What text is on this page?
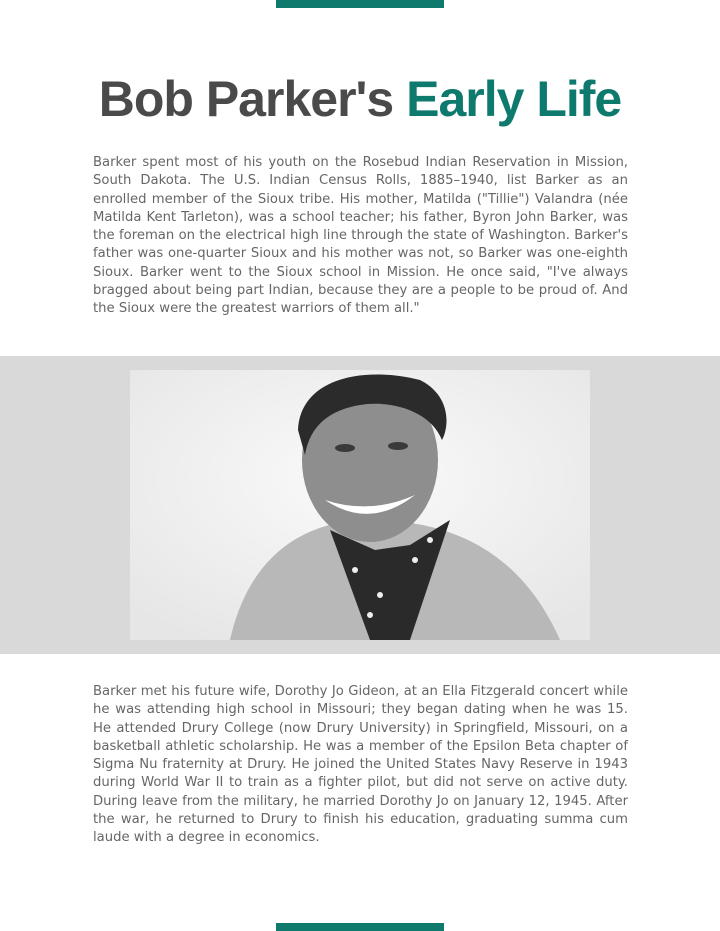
Bob Parker's Early Life

Barker spent most of his youth on the Rosebud Indian Reservation in Mission, South Dakota. The U.S. Indian Census Rolls, 1885–1940, list Barker as an enrolled member of the Sioux tribe. His mother, Matilda ("Tillie") Valandra (née Matilda Kent Tarleton), was a school teacher; his father, Byron John Barker, was the foreman on the electrical high line through the state of Washington. Barker's father was one-quarter Sioux and his mother was not, so Barker was one-eighth Sioux. Barker went to the Sioux school in Mission. He once said, "I've always bragged about being part Indian, because they are a people to be proud of. And the Sioux were the greatest warriors of them all."

Barker met his future wife, Dorothy Jo Gideon, at an Ella Fitzgerald concert while he was attending high school in Missouri; they began dating when he was 15. He attended Drury College (now Drury University) in Springfield, Missouri, on a basketball athletic scholarship. He was a member of the Epsilon Beta chapter of Sigma Nu fraternity at Drury. He joined the United States Navy Reserve in 1943 during World War II to train as a fighter pilot, but did not serve on active duty. During leave from the military, he married Dorothy Jo on January 12, 1945. After the war, he returned to Drury to finish his education, graduating summa cum laude with a degree in economics.
